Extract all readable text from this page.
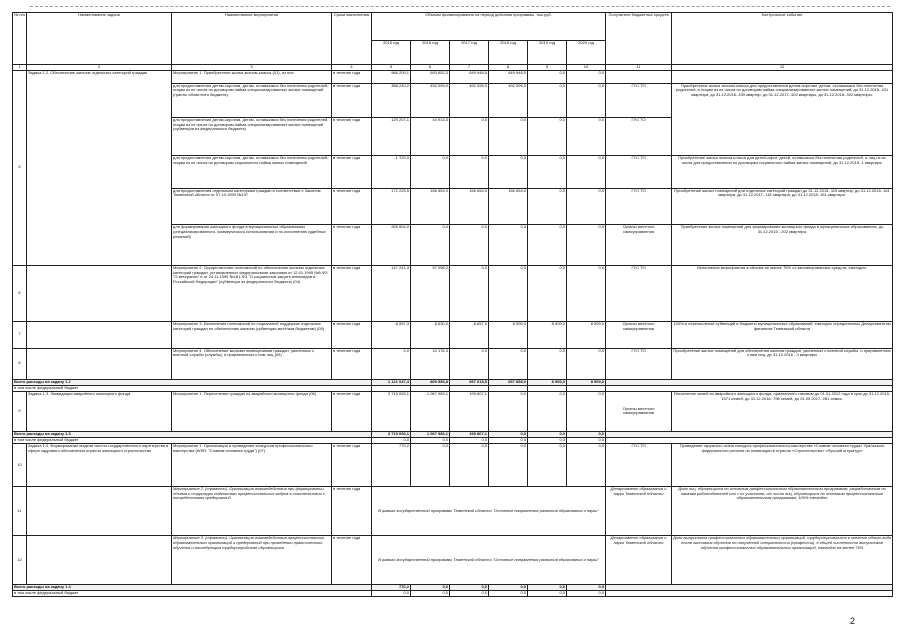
№ п/п	Наименование задачи	Наименование мероприятия	Сроки выполнения	Объемы финансирования на период действия программы, тыс.руб.						Получатели бюджетных средств	Контрольное событие
				2015 год	2016 год	2017 год	2018 год	2019 год	2020 год		
1	2	3	4	5	6	7	8	9	10	11	12
5	Задача 1.2. Обеспечение жильем отдельных категорий граждан	Мероприятие 1. Приобретение жилья эконом-класса (01), из них:	в течение года	966 209,1	693 652,3	649 948,5	649 948,5	0,0	0,0		
		для предоставления детям-сиротам, детям, оставшимся без попечения родителей, лицам из их числа по договорам найма специализированных жилых помещений (гранты областного бюджета)	в течение года	388 240,2	492 095,0	492 095,0	492 095,0	0,0	0,0	ГУС ТО	Приобретение жилья эконом-класса для предоставления детям-сиротам, детям, оставшимся без попечения родителей, и лицам из их числа по договорам найма специализированных жилых помещений, до 31.12.2015- 431 квартира, до 31.12.2016- 439 квартир, до 31.12.2017- 402 квартиры, до 31.12.2018- 402 квартиры.
		для предоставления детям-сиротам, детям, оставшимся без попечения родителей, лицам из их числа по договорам найма специализированных жилых помещений (субвенции из федерального бюджета)	в течение года	129 207,1	44 913,3	0,0	0,0	0,0	0,0	ГУС ТО	
		для предоставления детям-сиротам, детям, оставшимся без попечения родителей, лицам из их числа по договорам социального найма жилых помещений	в течение года	1 729,0	0,0	0,0	0,0	0,0	0,0	ГУС ТО	Приобретение жилья эконом-класса для детей-сирот, детей, оставшихся без попечения родителей, и лиц из их числа для предоставления по договорам социального найма жилых помещений, до 31.12.2015- 1 квартира.
		для предоставления отдельным категориям граждан в соответствии с Законом Тюменской области от 07.10.1999 №137	в течение года	172 225,5	156 654,0	156 654,0	156 654,0	0,0	0,0	ГУС ТО	Приобретение жилых помещений для отдельных категорий граждан до 31.12.2015- 119 квартир, до 31.12.2016- 161 квартира, до 31.12.2017- 161 квартира, до 31.12.2018- 161 квартира.
		для формирования жилищного фонда в муниципальных образованиях (специализированного, коммерческого использования и по исполнению судебных решений)	в течение года	265 604,0	0,0	0,0	0,0	0,0	0,0	Органы местного самоуправления	Приобретение жилых помещений для формирования жилищного фонда в муниципальных образованиях, до 31.12.2015 - 202 квартиры
6		Мероприятие 2. Осуществление полномочий по обеспечению жильем отдельных категорий граждан, установленных федеральными законами от 12.01.1995 №5-ФЗ "О ветеранах" и от 24.11.1995 №181-ФЗ "О социальной защите инвалидов в Российской Федерации" (субвенции из федерального бюджета) (04)	в течение года	147 241,3	97 098,2	0,0	0,0	0,0	0,0	ГУС ТО	Исполнение мероприятия в объеме не менее 75% от запланированных средств, ежегодно.
7		Мероприятие 3. Исполнение полномочий по социальной поддержке отдельных категорий граждан по обеспечению жильем (субвенции местным бюджетам) (05)	в течение года	8 597,3	8 630,0	8 657,0	8 909,0	8 909,0	8 909,0	Органы местного самоуправления	100%-е перечисление субвенций в бюджеты муниципальных образований, ежегодно определенных Департаментом финансов Тюменской области
8		Мероприятие 4. Обеспечение жилыми помещениями граждан, уволенных с военной службы (службы), и приравненных к ним лиц (09)	в течение года	0,0	10 176,3	0,0	0,0	0,0	0,0	ГУС ТО	Приобретение жилых помещений для обеспечения жильем граждан, уволенных с военной службы, и приравненных к ним лиц, до 31.12.2016 - 4 квартиры
Всего расходы на задачу 1.2				1 121 047,4	809 556,8	657 615,5	657 858,0	8 909,0	8 909,0		
в том числе федеральный бюджет											
9	Задача 1.3. Ликвидация аварийного жилищного фонда	Мероприятие 1. Переселение граждан из аварийного жилищного фонда (06)	в течение года	3 719 093,1	1 067 983,1	199 807,1	0,0	0,0	0,0	Органы местного самоуправления	Расселение семей из аварийного жилищного фонда, признанного таковым до 01.01.2012 года в срок до 31.12.2015- 1571 семей, до 31.12.2016- 796 семей, до 01.09.2017- 281 семья.
Всего расходы на задачу 1.3				3 719 093,1	1 067 983,1	199 807,1	0,0	0,0	0,0		
в том числе федеральный бюджет				0,0	0,0	0,0	0,0	0,0	0,0		
10	Задача 1.4. Формирование модели частно-государственного партнерства в сфере кадрового обеспечения отрасли жилищного строительства	Мероприятие 1. Организация и проведение конкурсов профессионального мастерства (WSR, "Славим человека труда") (07)	в течение года	770,2	0,0	0,0	0,0	0,0	0,0	ГУС ТО	Проведение окружного этапа конкурса профессионального мастерства «Славим человека труда» Уральского федерального региона по номинации в отрасли «Строительство» «Лучший штукатур»
11		Мероприятие 2. (справочно). Организация взаимодействия при формировании объема и структуры подготовки профессиональных кадров в соответствии с потребностями предприятий	в течение года	В рамках государственной программы Тюменской области "Основные направления развития образования и науки"						Департамент образования и науки Тюменской области	Доля лиц, обучающихся по основным профессиональным образовательным программам, разработанным по заказам работодателей или с их участием, от числа лиц, обучающихся по основным профессиональным образовательным программам, 100% ежегодно
12		Мероприятие 3. (справочно). Организация взаимодействия профессиональных образовательных организаций и предприятий при проведении практического обучения и последующим трудоустройстве обучающихся	в течение года	В рамках государственной программы Тюменской области "Основные направления развития образования и науки"						Департамент образования и науки Тюменской области	Доля выпускников профессиональных образовательных организаций, трудоустроившихся в течение одного года после окончания обучения по полученной специальности (профессии), в общей численности выпускников обучения профессиональных образовательных организаций, ежегодно не менее 75%
Всего расходы на задачу 1.4				770,2	0,0	0,0	0,0	0,0	0,0		
в том числе федеральный бюджет				0,0	0,0	0,0	0,0	0,0	0,0		
2
